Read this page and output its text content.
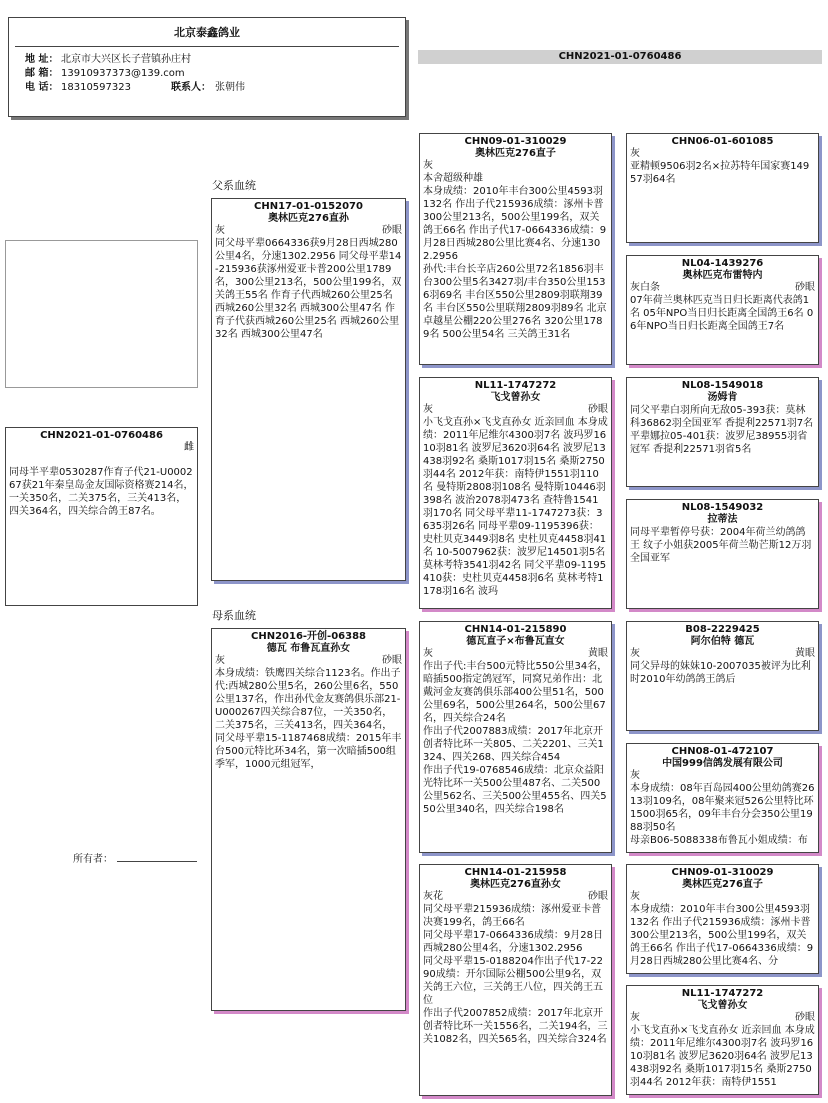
北京泰鑫鸽业
地 址： 北京市大兴区长子营镇孙庄村
邮 箱： 13910937373@139.com
电 话： 18310597323	联系人： 张朝伟
CHN2021-01-0760486
CHN2021-01-0760486
雌
同母半平辈0530287作育子代21-U000267获21年秦皇岛金友国际资格赛214名，一关350名，二关375名，三关413名，四关364名，四关综合鸽王87名。
父系血统
母系血统
所有者：
CHN17-01-0152070
奥林匹克276直孙
灰	砂眼
同父母平辈0664336获9月28日西城280公里4名，分速1302.2956 同父母平辈14-215936获涿州爱亚卡普200公里1789名，300公里213名，500公里199名，双关鸽王55名 作育子代西城260公里25名 西城260公里32名 西城300公里47名 作育子代获西城260公里25名 西城260公里32名 西城300公里47名
CHN2016-开创-06388
德瓦 布鲁瓦直孙女
灰	砂眼
本身成绩：铁鹰四关综合1123名。作出子代:西城280公里5名，260公里6名，550公里137名，作出孙代金友赛鸽俱乐部21-U000267四关综合87位，一关350名，二关375名，三关413名，四关364名，同父母平辈15-1187468成绩：2015年丰台500元特比环34名，第一次暗插500组季军，1000元组冠军，
CHN09-01-310029
奥林匹克276直子
灰
本舍超级种雄
本身成绩：2010年丰台300公里4593羽132名 作出子代215936成绩：涿州卡普300公里213名，500公里199名，双关鸽王66名 作出子代17-0664336成绩：9月28日西城280公里比赛4名、分速1302.2956
孙代:丰台长辛店260公里72名1856羽丰台300公里5名3427羽/丰台350公里1536羽69名 丰台区550公里2809羽联翔39名 丰台区550公里联翔2809羽89名 北京卓越星公棚220公里276名 320公里1789名 500公里54名 三关鸽王31名
NL11-1747272
飞戈曾孙女
灰	砂眼
小飞戈直孙×飞戈直孙女 近亲回血 本身成绩：2011年尼维尔4300羽7名 波玛罗1610羽81名 波罗尼3620羽64名 波罗尼13438羽92名 桑斯1017羽15名 桑斯2750羽44名 2012年获：南特伊1551羽110名 曼特斯2808羽108名 曼特斯10446羽398名 波治2078羽473名 查特鲁1541羽170名 同父母平辈11-1747273获：3635羽26名 同母平辈09-1195396获：史杜贝克3449羽8名 史杜贝克4458羽41名 10-5007962获：波罗尼14501羽5名 莫林考特3541羽42名 同父平辈09-1195410获：史杜贝克4458羽6名 莫林考特1178羽16名 波玛
CHN14-01-215890
德瓦直子×布鲁瓦直女
灰	黄眼
作出子代:丰台500元特比550公里34名，暗插500指定鸽冠军，同窝兄弟作出：北戴河金友赛鸽俱乐部400公里51名，500公里69名，500公里264名，500公里67名，四关综合24名
作出子代2007883成绩：2017年北京开创者特比环一关805、二关2201、三关1324、四关268、四关综合454
作出子代19-0768546成绩：北京众益阳光特比环一关500公里487名、二关500公里562名、三关500公里455名、四关550公里340名，四关综合198名
CHN14-01-215958
奥林匹克276直孙女
灰花	砂眼
同父母平辈215936成绩：涿州爱亚卡普决赛199名，鸽王66名
同父母平辈17-0664336成绩：9月28日西城280公里4名，分速1302.2956
同父母平辈15-0188204作出子代17-2290成绩：开尔国际公棚500公里9名，双关鸽王六位，三关鸽王八位，四关鸽王五位
作出子代2007852成绩：2017年北京开创者特比环一关1556名，二关194名，三关1082名，四关565名，四关综合324名
CHN06-01-601085
灰
亚精顿9506羽2名×拉苏特年国家赛14957羽64名
NL04-1439276
奥林匹克布雷特内
灰白条	砂眼
07年荷兰奥林匹克当日归长距离代表鸽1名 05年NPO当日归长距离全国鸽王6名 06年NPO当日归长距离全国鸽王7名
NL08-1549018
汤姆肯
同父平辈白羽所向无敌05-393获：莫林科36862羽全国亚军 香提利22571羽7名 平辈娜拉05-401获：波罗尼38955羽省冠军 香提利22571羽省5名
NL08-1549032
拉蒂法
同母平辈暂停号获：2004年荷兰幼鸽鸽王 纹子小姐获2005年荷兰勒芒斯12万羽全国亚军
B08-2229425
阿尔伯特 德瓦
灰	黄眼
同父异母的妹妹10-2007035被评为比利时2010年幼鸽鸽王鸽后
CHN08-01-472107
中国999信鸽发展有限公司
灰
本身成绩：08年百岛园400公里幼鸽赛2613羽109名，08年聚来冠526公里特比环1500羽65名，09年丰台分会350公里1988羽50名
母亲B06-5088338布鲁瓦小姐成绩：布
CHN09-01-310029
奥林匹克276直子
灰
本身成绩：2010年丰台300公里4593羽132名 作出子代215936成绩：涿州卡普300公里213名，500公里199名，双关鸽王66名 作出子代17-0664336成绩：9月28日西城280公里比赛4名、分
NL11-1747272
飞戈曾孙女
灰	砂眼
小飞戈直孙×飞戈直孙女 近亲回血 本身成绩：2011年尼维尔4300羽7名 波玛罗1610羽81名 波罗尼3620羽64名 波罗尼13438羽92名 桑斯1017羽15名 桑斯2750羽44名 2012年获：南特伊1551
